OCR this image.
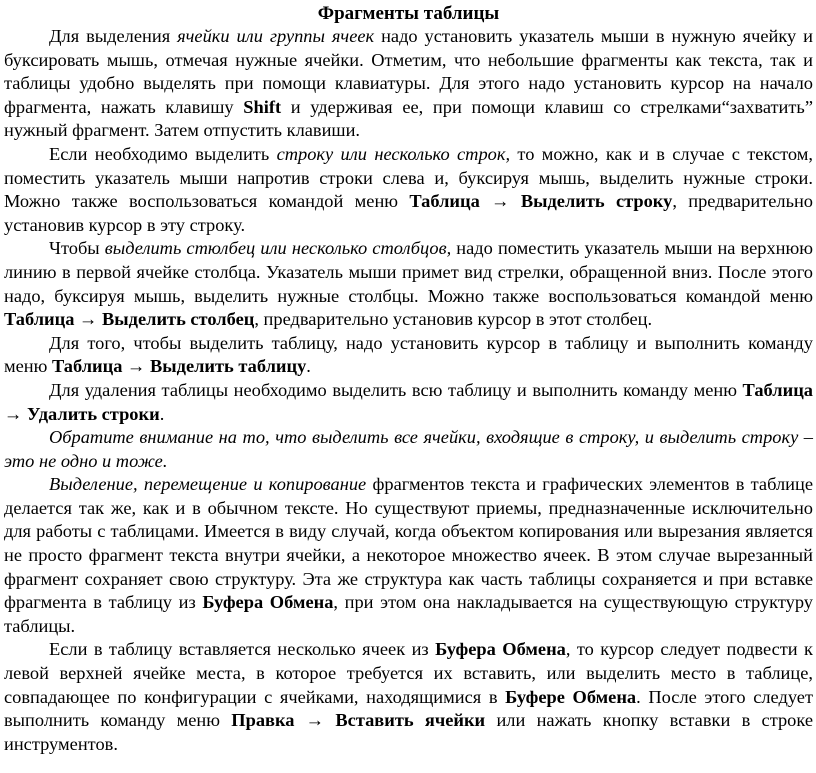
Фрагменты таблицы

Для выделения ячейки или группы ячеек надо установить указатель мыши в нужную ячейку и буксировать мышь, отмечая нужные ячейки. Отметим, что небольшие фрагменты как текста, так и таблицы удобно выделять при помощи клавиатуры. Для этого надо установить курсор на начало фрагмента, нажать клавишу Shift и удерживая ее, при помощи клавиш со стрелками“захватить” нужный фрагмент. Затем отпустить клавиши.

Если необходимо выделить строку или несколько строк, то можно, как и в случае с текстом, поместить указатель мыши напротив строки слева и, буксируя мышь, выделить нужные строки. Можно также воспользоваться командой меню Таблица → Выделить строку, предварительно установив курсор в эту строку.

Чтобы выделить стюлбец или несколько столбцов, надо поместить указатель мыши на верхнюю линию в первой ячейке столбца. Указатель мыши примет вид стрелки, обращенной вниз. После этого надо, буксируя мышь, выделить нужные столбцы. Можно также воспользоваться командой меню Таблица → Выделить столбец, предварительно установив курсор в этот столбец.

Для того, чтобы выделить таблицу, надо установить курсор в таблицу и выполнить команду меню Таблица → Выделить таблицу.

Для удаления таблицы необходимо выделить всю таблицу и выполнить команду меню Таблица → Удалить строки.

Обратите внимание на то, что выделить все ячейки, входящие в строку, и выделить строку – это не одно и тоже.

Выделение, перемещение и копирование фрагментов текста и графических элементов в таблице делается так же, как и в обычном тексте. Но существуют приемы, предназначенные исключительно для работы с таблицами. Имеется в виду случай, когда объектом копирования или вырезания является не просто фрагмент текста внутри ячейки, а некоторое множество ячеек. В этом случае вырезанный фрагмент сохраняет свою структуру. Эта же структура как часть таблицы сохраняется и при вставке фрагмента в таблицу из Буфера Обмена, при этом она накладывается на существующую структуру таблицы.

Если в таблицу вставляется несколько ячеек из Буфера Обмена, то курсор следует подвести к левой верхней ячейке места, в которое требуется их вставить, или выделить место в таблице, совпадающее по конфигурации с ячейками, находящимися в Буфере Обмена. После этого следует выполнить команду меню Правка → Вставить ячейки или нажать кнопку вставки в строке инструментов.
